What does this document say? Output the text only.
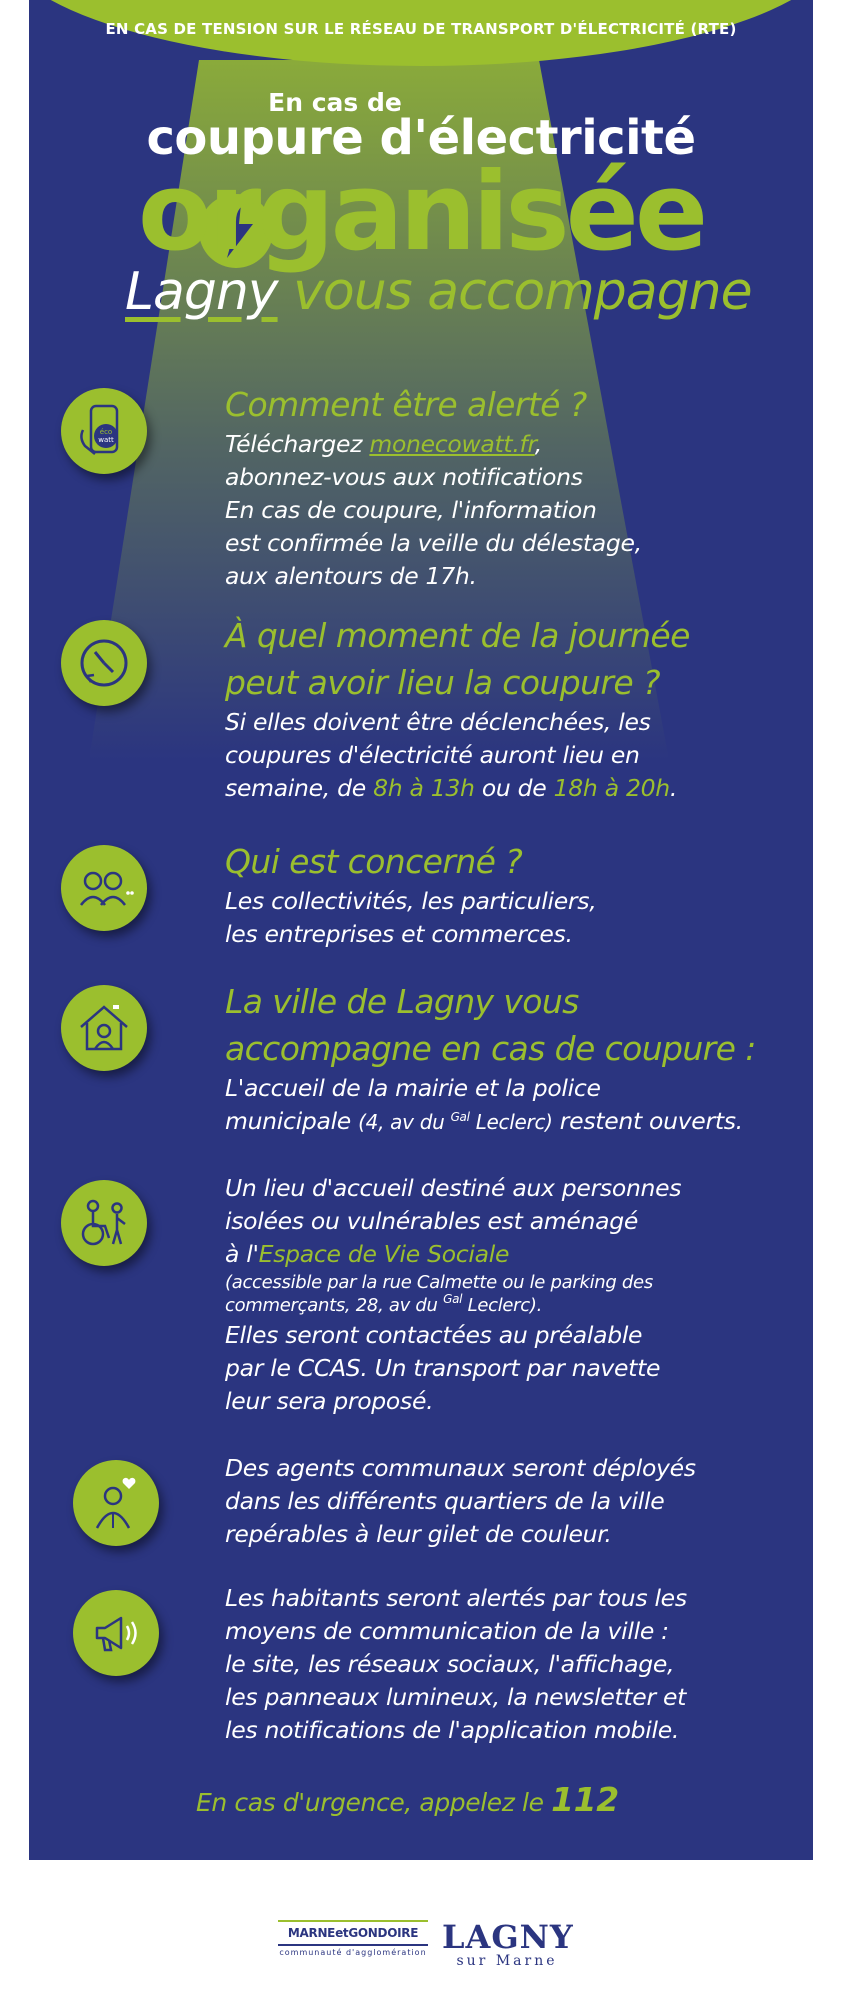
EN CAS DE TENSION SUR LE RÉSEAU DE TRANSPORT D'ÉLECTRICITÉ (RTE)
En cas de
coupure d'électricité
organisée
Lagny vous accompagne
éco
watt

Comment être alerté ?

Téléchargez monecowatt.fr,

abonnez-vous aux notifications

En cas de coupure, l'information

est confirmée la veille du délestage,

aux alentours de 17h.

À quel moment de la journée

peut avoir lieu la coupure ?

Si elles doivent être déclenchées, les

coupures d'électricité auront lieu en

semaine, de 8h à 13h ou de 18h à 20h.

Qui est concerné ?

Les collectivités, les particuliers,

les entreprises et commerces.

La ville de Lagny vous

accompagne en cas de coupure :

L'accueil de la mairie et la police

municipale (4, av du $^{Gal}$ Leclerc) restent ouverts.

Un lieu d'accueil destiné aux personnes

isolées ou vulnérables est aménagé

à l'Espace de Vie Sociale

(accessible par la rue Calmette ou le parking des

commerçants, 28, av du $^{Gal}$ Leclerc).

Elles seront contactées au préalable

par le CCAS. Un transport par navette

leur sera proposé.

Des agents communaux seront déployés

dans les différents quartiers de la ville

repérables à leur gilet de couleur.

Les habitants seront alertés par tous les

moyens de communication de la ville :

le site, les réseaux sociaux, l'affichage,

les panneaux lumineux, la newsletter et

les notifications de l'application mobile.

En cas d'urgence, appelez le 112
MARNEetGONDOIRE
communauté d'agglomération LAGNY
sur Marne
